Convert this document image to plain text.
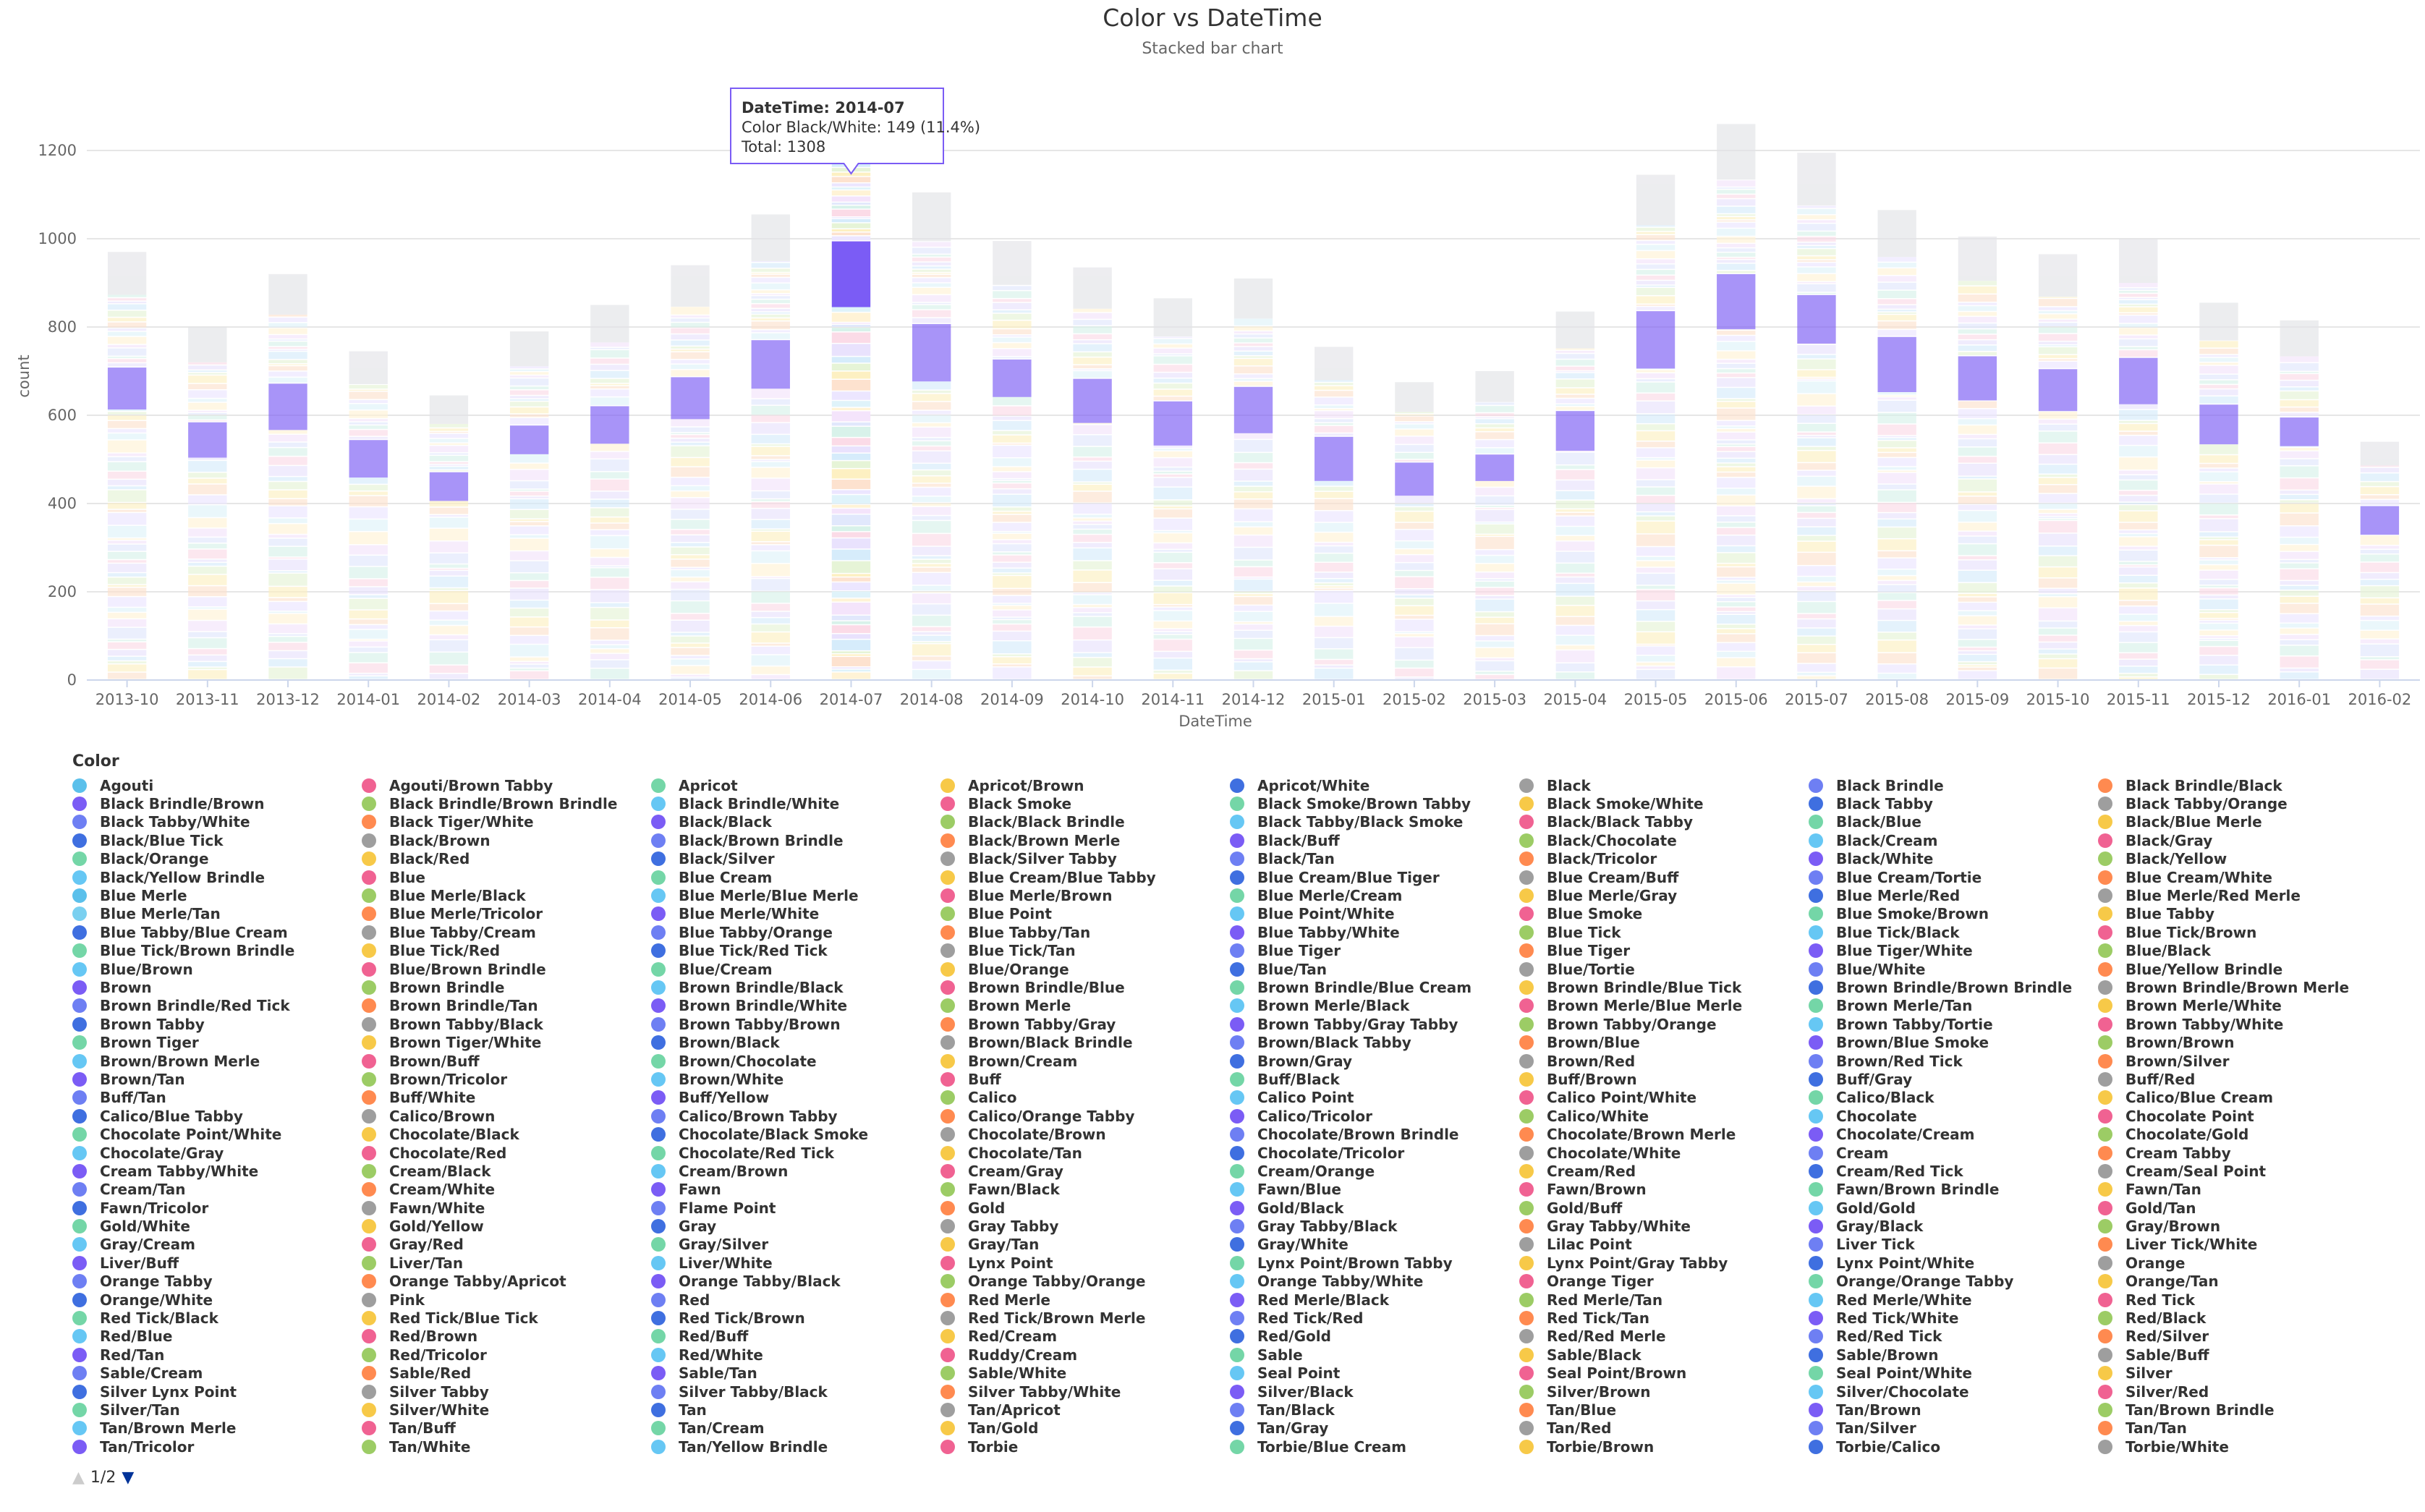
Color vs DateTime
Stacked bar chart
0
200
400
600
800
1000
1200
2013-10 2013-11 2013-12 2014-01 2014-02 2014-03 2014-04 2014-05 2014-06 2014-07 2014-08 2014-09 2014-10 2014-11 2014-12 2015-01 2015-02 2015-03 2015-04 2015-05 2015-06 2015-07 2015-08 2015-09 2015-10 2015-11 2015-12 2016-01 2016-02
count
DateTime
DateTime: 2014-07
Color Black/White: 149 (11.4%)
Total: 1308
Color
Agouti
Black Brindle/Brown
Black Tabby/White
Black/Blue Tick
Black/Orange
Black/Yellow Brindle
Blue Merle
Blue Merle/Tan
Blue Tabby/Blue Cream
Blue Tick/Brown Brindle
Blue/Brown
Brown
Brown Brindle/Red Tick
Brown Tabby
Brown Tiger
Brown/Brown Merle
Brown/Tan
Buff/Tan
Calico/Blue Tabby
Chocolate Point/White
Chocolate/Gray
Cream Tabby/White
Cream/Tan
Fawn/Tricolor
Gold/White
Gray/Cream
Liver/Buff
Orange Tabby
Orange/White
Red Tick/Black
Red/Blue
Red/Tan
Sable/Cream
Silver Lynx Point
Silver/Tan
Tan/Brown Merle
Tan/Tricolor
Agouti/Brown Tabby
Black Brindle/Brown Brindle
Black Tiger/White
Black/Brown
Black/Red
Blue
Blue Merle/Black
Blue Merle/Tricolor
Blue Tabby/Cream
Blue Tick/Red
Blue/Brown Brindle
Brown Brindle
Brown Brindle/Tan
Brown Tabby/Black
Brown Tiger/White
Brown/Buff
Brown/Tricolor
Buff/White
Calico/Brown
Chocolate/Black
Chocolate/Red
Cream/Black
Cream/White
Fawn/White
Gold/Yellow
Gray/Red
Liver/Tan
Orange Tabby/Apricot
Pink
Red Tick/Blue Tick
Red/Brown
Red/Tricolor
Sable/Red
Silver Tabby
Silver/White
Tan/Buff
Tan/White
Apricot
Black Brindle/White
Black/Black
Black/Brown Brindle
Black/Silver
Blue Cream
Blue Merle/Blue Merle
Blue Merle/White
Blue Tabby/Orange
Blue Tick/Red Tick
Blue/Cream
Brown Brindle/Black
Brown Brindle/White
Brown Tabby/Brown
Brown/Black
Brown/Chocolate
Brown/White
Buff/Yellow
Calico/Brown Tabby
Chocolate/Black Smoke
Chocolate/Red Tick
Cream/Brown
Fawn
Flame Point
Gray
Gray/Silver
Liver/White
Orange Tabby/Black
Red
Red Tick/Brown
Red/Buff
Red/White
Sable/Tan
Silver Tabby/Black
Tan
Tan/Cream
Tan/Yellow Brindle
Apricot/Brown
Black Smoke
Black/Black Brindle
Black/Brown Merle
Black/Silver Tabby
Blue Cream/Blue Tabby
Blue Merle/Brown
Blue Point
Blue Tabby/Tan
Blue Tick/Tan
Blue/Orange
Brown Brindle/Blue
Brown Merle
Brown Tabby/Gray
Brown/Black Brindle
Brown/Cream
Buff
Calico
Calico/Orange Tabby
Chocolate/Brown
Chocolate/Tan
Cream/Gray
Fawn/Black
Gold
Gray Tabby
Gray/Tan
Lynx Point
Orange Tabby/Orange
Red Merle
Red Tick/Brown Merle
Red/Cream
Ruddy/Cream
Sable/White
Silver Tabby/White
Tan/Apricot
Tan/Gold
Torbie
Apricot/White
Black Smoke/Brown Tabby
Black Tabby/Black Smoke
Black/Buff
Black/Tan
Blue Cream/Blue Tiger
Blue Merle/Cream
Blue Point/White
Blue Tabby/White
Blue Tiger
Blue/Tan
Brown Brindle/Blue Cream
Brown Merle/Black
Brown Tabby/Gray Tabby
Brown/Black Tabby
Brown/Gray
Buff/Black
Calico Point
Calico/Tricolor
Chocolate/Brown Brindle
Chocolate/Tricolor
Cream/Orange
Fawn/Blue
Gold/Black
Gray Tabby/Black
Gray/White
Lynx Point/Brown Tabby
Orange Tabby/White
Red Merle/Black
Red Tick/Red
Red/Gold
Sable
Seal Point
Silver/Black
Tan/Black
Tan/Gray
Torbie/Blue Cream
Black
Black Smoke/White
Black/Black Tabby
Black/Chocolate
Black/Tricolor
Blue Cream/Buff
Blue Merle/Gray
Blue Smoke
Blue Tick
Blue Tiger
Blue/Tortie
Brown Brindle/Blue Tick
Brown Merle/Blue Merle
Brown Tabby/Orange
Brown/Blue
Brown/Red
Buff/Brown
Calico Point/White
Calico/White
Chocolate/Brown Merle
Chocolate/White
Cream/Red
Fawn/Brown
Gold/Buff
Gray Tabby/White
Lilac Point
Lynx Point/Gray Tabby
Orange Tiger
Red Merle/Tan
Red Tick/Tan
Red/Red Merle
Sable/Black
Seal Point/Brown
Silver/Brown
Tan/Blue
Tan/Red
Torbie/Brown
Black Brindle
Black Tabby
Black/Blue
Black/Cream
Black/White
Blue Cream/Tortie
Blue Merle/Red
Blue Smoke/Brown
Blue Tick/Black
Blue Tiger/White
Blue/White
Brown Brindle/Brown Brindle
Brown Merle/Tan
Brown Tabby/Tortie
Brown/Blue Smoke
Brown/Red Tick
Buff/Gray
Calico/Black
Chocolate
Chocolate/Cream
Cream
Cream/Red Tick
Fawn/Brown Brindle
Gold/Gold
Gray/Black
Liver Tick
Lynx Point/White
Orange/Orange Tabby
Red Merle/White
Red Tick/White
Red/Red Tick
Sable/Brown
Seal Point/White
Silver/Chocolate
Tan/Brown
Tan/Silver
Torbie/Calico
Black Brindle/Black
Black Tabby/Orange
Black/Blue Merle
Black/Gray
Black/Yellow
Blue Cream/White
Blue Merle/Red Merle
Blue Tabby
Blue Tick/Brown
Blue/Black
Blue/Yellow Brindle
Brown Brindle/Brown Merle
Brown Merle/White
Brown Tabby/White
Brown/Brown
Brown/Silver
Buff/Red
Calico/Blue Cream
Chocolate Point
Chocolate/Gold
Cream Tabby
Cream/Seal Point
Fawn/Tan
Gold/Tan
Gray/Brown
Liver Tick/White
Orange
Orange/Tan
Red Tick
Red/Black
Red/Silver
Sable/Buff
Silver
Silver/Red
Tan/Brown Brindle
Tan/Tan
Torbie/White
▲ 1/2 ▼
